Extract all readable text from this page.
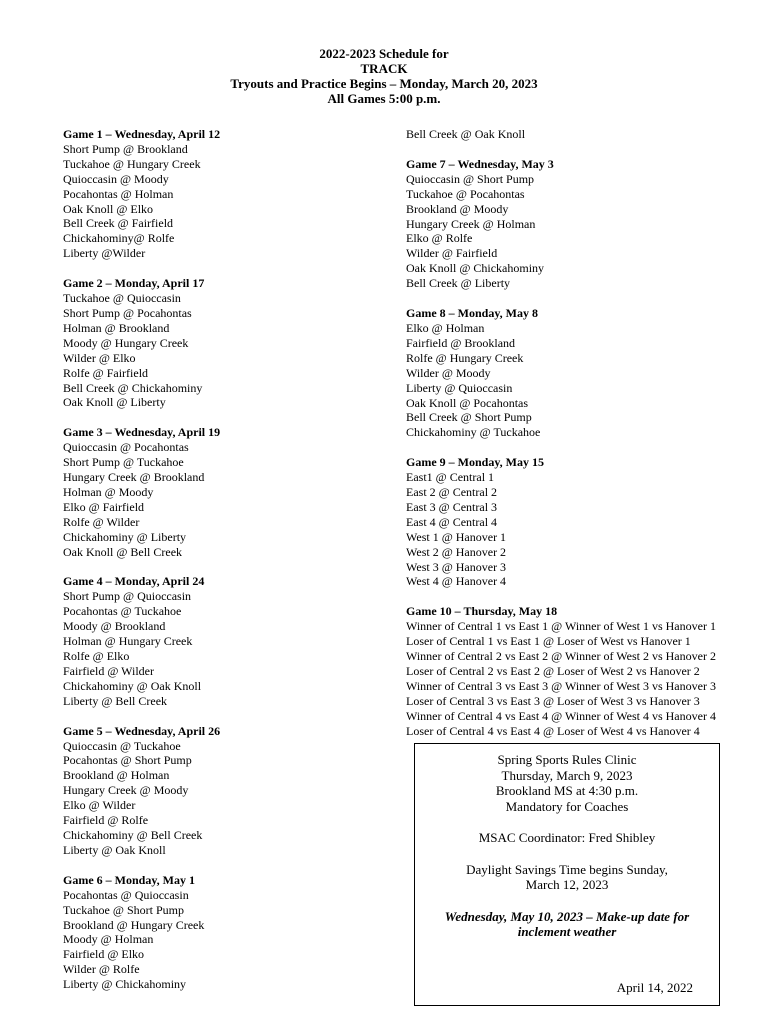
2022-2023 Schedule for
TRACK
Tryouts and Practice Begins – Monday, March 20, 2023
All Games 5:00 p.m.
Game 1 – Wednesday, April 12
Short Pump @ Brookland
Tuckahoe @ Hungary Creek
Quioccasin @ Moody
Pocahontas @ Holman
Oak Knoll @ Elko
Bell Creek @ Fairfield
Chickahominy@ Rolfe
Liberty @Wilder
Game 2 – Monday, April 17
Tuckahoe @ Quioccasin
Short Pump @ Pocahontas
Holman @ Brookland
Moody @ Hungary Creek
Wilder @ Elko
Rolfe @ Fairfield
Bell Creek @ Chickahominy
Oak Knoll @ Liberty
Game 3 – Wednesday, April 19
Quioccasin @ Pocahontas
Short Pump @ Tuckahoe
Hungary Creek @ Brookland
Holman @ Moody
Elko @ Fairfield
Rolfe @ Wilder
Chickahominy @ Liberty
Oak Knoll @ Bell Creek
Game 4 – Monday, April 24
Short Pump @ Quioccasin
Pocahontas @ Tuckahoe
Moody @ Brookland
Holman @ Hungary Creek
Rolfe @ Elko
Fairfield @ Wilder
Chickahominy @ Oak Knoll
Liberty @ Bell Creek
Game 5 – Wednesday, April 26
Quioccasin @ Tuckahoe
Pocahontas @ Short Pump
Brookland @ Holman
Hungary Creek @ Moody
Elko @ Wilder
Fairfield @ Rolfe
Chickahominy @ Bell Creek
Liberty @ Oak Knoll
Game 6 – Monday, May 1
Pocahontas @ Quioccasin
Tuckahoe @ Short Pump
Brookland @ Hungary Creek
Moody @ Holman
Fairfield @ Elko
Wilder @ Rolfe
Liberty @ Chickahominy
Bell Creek @ Oak Knoll
Game 7 – Wednesday, May 3
Quioccasin @ Short Pump
Tuckahoe @ Pocahontas
Brookland @ Moody
Hungary Creek @ Holman
Elko @ Rolfe
Wilder @ Fairfield
Oak Knoll @ Chickahominy
Bell Creek @ Liberty
Game 8 – Monday, May 8
Elko @ Holman
Fairfield @ Brookland
Rolfe @ Hungary Creek
Wilder @ Moody
Liberty @ Quioccasin
Oak Knoll @ Pocahontas
Bell Creek @ Short Pump
Chickahominy @ Tuckahoe
Game 9 – Monday, May 15
East1 @ Central 1
East 2 @ Central 2
East 3 @ Central 3
East 4 @ Central 4
West 1 @ Hanover 1
West 2 @ Hanover 2
West 3 @ Hanover 3
West 4 @ Hanover 4
Game 10 – Thursday, May 18
Winner of Central 1 vs East 1 @ Winner of West 1 vs Hanover 1
Loser of Central 1 vs East 1 @ Loser of West vs Hanover 1
Winner of Central 2 vs East 2 @ Winner of West 2 vs Hanover 2
Loser of Central 2 vs East 2 @ Loser of West 2 vs Hanover 2
Winner of Central 3 vs East 3 @ Winner of West 3 vs Hanover 3
Loser of Central 3 vs East 3 @ Loser of West 3 vs Hanover 3
Winner of Central 4 vs East 4 @ Winner of West 4 vs Hanover 4
Loser of Central 4 vs East 4 @ Loser of West 4 vs Hanover 4
Spring Sports Rules Clinic
Thursday, March 9, 2023
Brookland MS at 4:30 p.m.
Mandatory for Coaches
MSAC Coordinator: Fred Shibley
Daylight Savings Time begins Sunday,
March 12, 2023
Wednesday, May 10, 2023 – Make-up date for
inclement weather
April 14, 2022
